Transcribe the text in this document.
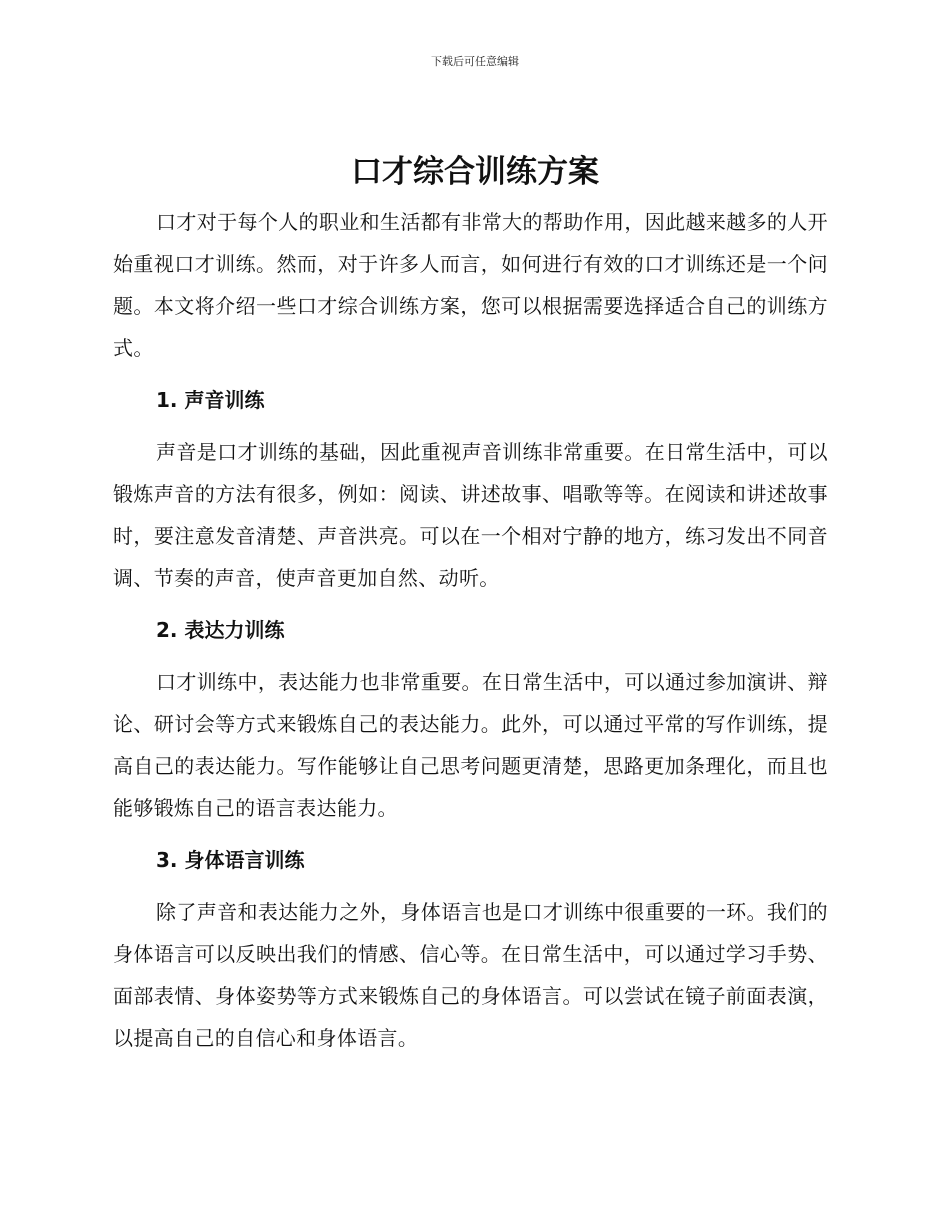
下载后可任意编辑
口才综合训练方案

口才对于每个人的职业和生活都有非常大的帮助作用，因此越来越多的人开始重视口才训练。然而，对于许多人而言，如何进行有效的口才训练还是一个问题。本文将介绍一些口才综合训练方案，您可以根据需要选择适合自己的训练方式。

1. 声音训练

声音是口才训练的基础，因此重视声音训练非常重要。在日常生活中，可以锻炼声音的方法有很多，例如：阅读、讲述故事、唱歌等等。在阅读和讲述故事时，要注意发音清楚、声音洪亮。可以在一个相对宁静的地方，练习发出不同音调、节奏的声音，使声音更加自然、动听。

2. 表达力训练

口才训练中，表达能力也非常重要。在日常生活中，可以通过参加演讲、辩论、研讨会等方式来锻炼自己的表达能力。此外，可以通过平常的写作训练，提高自己的表达能力。写作能够让自己思考问题更清楚，思路更加条理化，而且也能够锻炼自己的语言表达能力。

3. 身体语言训练

除了声音和表达能力之外，身体语言也是口才训练中很重要的一环。我们的身体语言可以反映出我们的情感、信心等。在日常生活中，可以通过学习手势、面部表情、身体姿势等方式来锻炼自己的身体语言。可以尝试在镜子前面表演，以提高自己的自信心和身体语言。
